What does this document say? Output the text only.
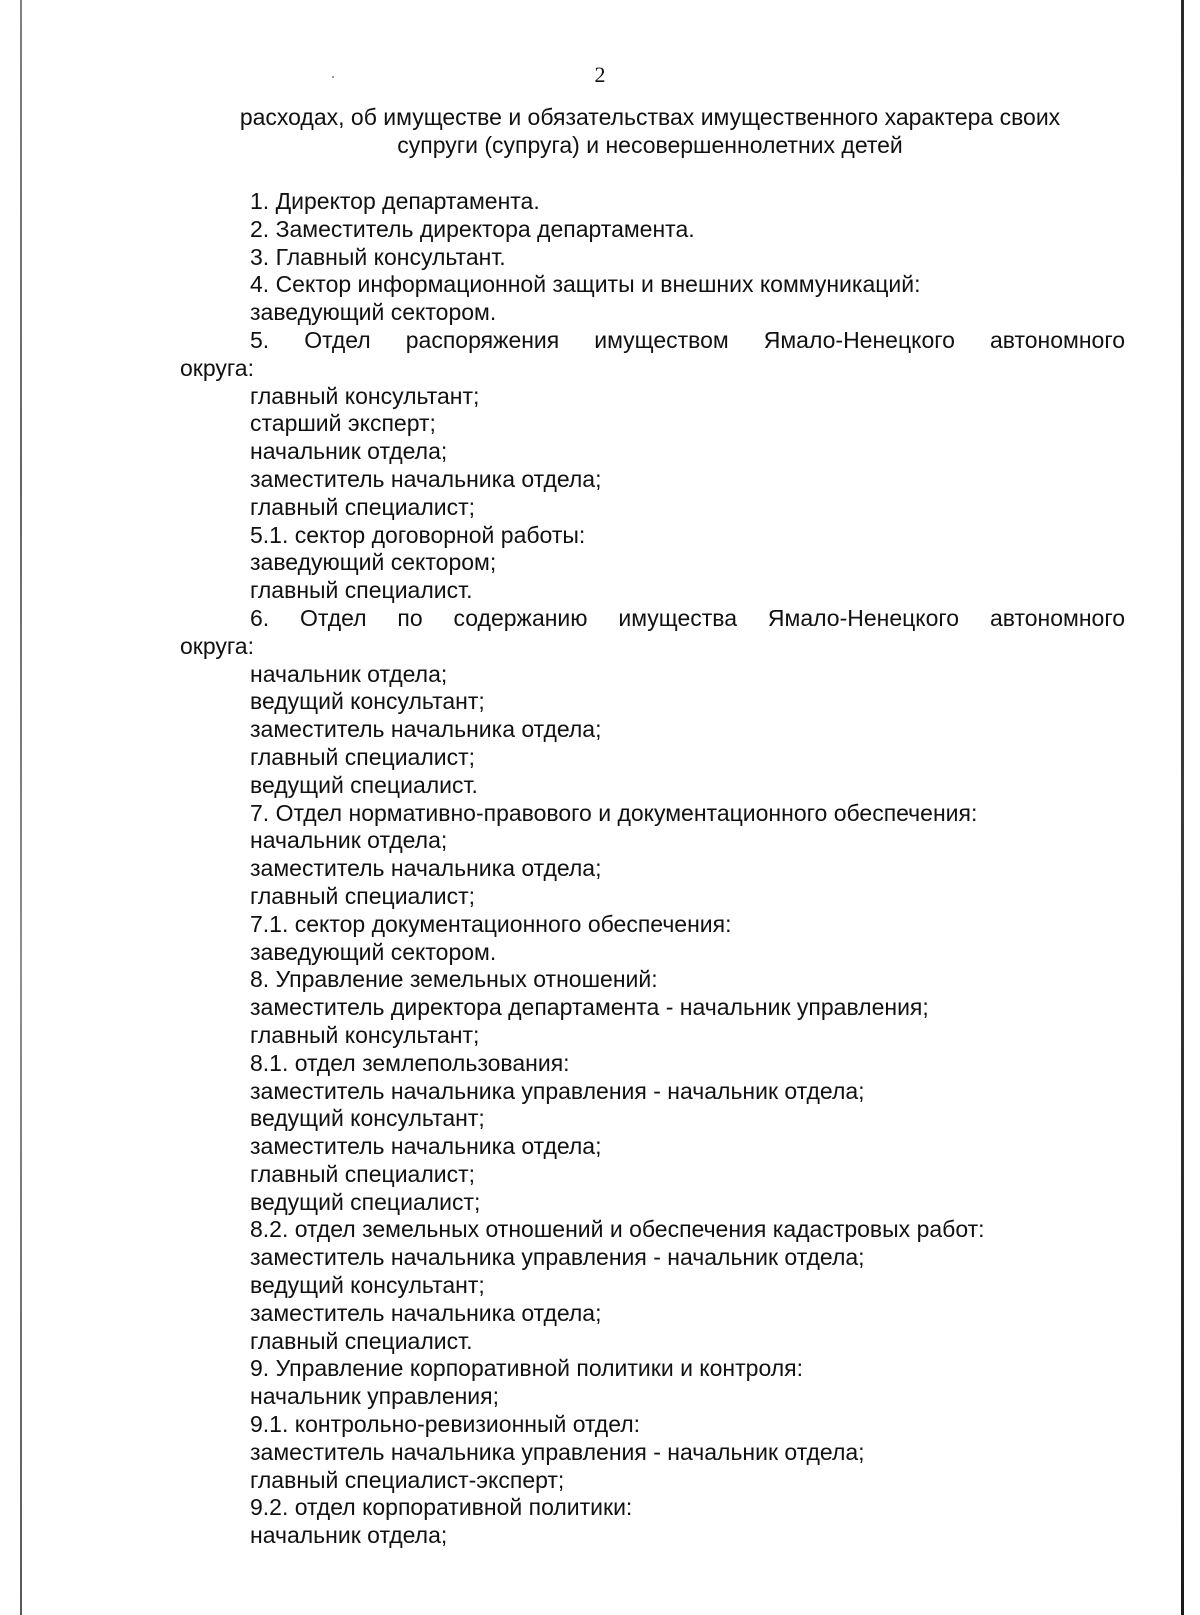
2
расходах, об имуществе и обязательствах имущественного характера своих
супруги (супруга) и несовершеннолетних детей

1. Директор департамента.

2. Заместитель директора департамента.

3. Главный консультант.

4. Сектор информационной защиты и внешних коммуникаций:

заведующий сектором.

5. Отдел распоряжения имуществом Ямало-Ненецкого автономного

округа:

главный консультант;

старший эксперт;

начальник отдела;

заместитель начальника отдела;

главный специалист;

5.1. сектор договорной работы:

заведующий сектором;

главный специалист.

6. Отдел по содержанию имущества Ямало-Ненецкого автономного

округа:

начальник отдела;

ведущий консультант;

заместитель начальника отдела;

главный специалист;

ведущий специалист.

7. Отдел нормативно-правового и документационного обеспечения:

начальник отдела;

заместитель начальника отдела;

главный специалист;

7.1. сектор документационного обеспечения:

заведующий сектором.

8. Управление земельных отношений:

заместитель директора департамента - начальник управления;

главный консультант;

8.1. отдел землепользования:

заместитель начальника управления - начальник отдела;

ведущий консультант;

заместитель начальника отдела;

главный специалист;

ведущий специалист;

8.2. отдел земельных отношений и обеспечения кадастровых работ:

заместитель начальника управления - начальник отдела;

ведущий консультант;

заместитель начальника отдела;

главный специалист.

9. Управление корпоративной политики и контроля:

начальник управления;

9.1. контрольно-ревизионный отдел:

заместитель начальника управления - начальник отдела;

главный специалист-эксперт;

9.2. отдел корпоративной политики:

начальник отдела;
